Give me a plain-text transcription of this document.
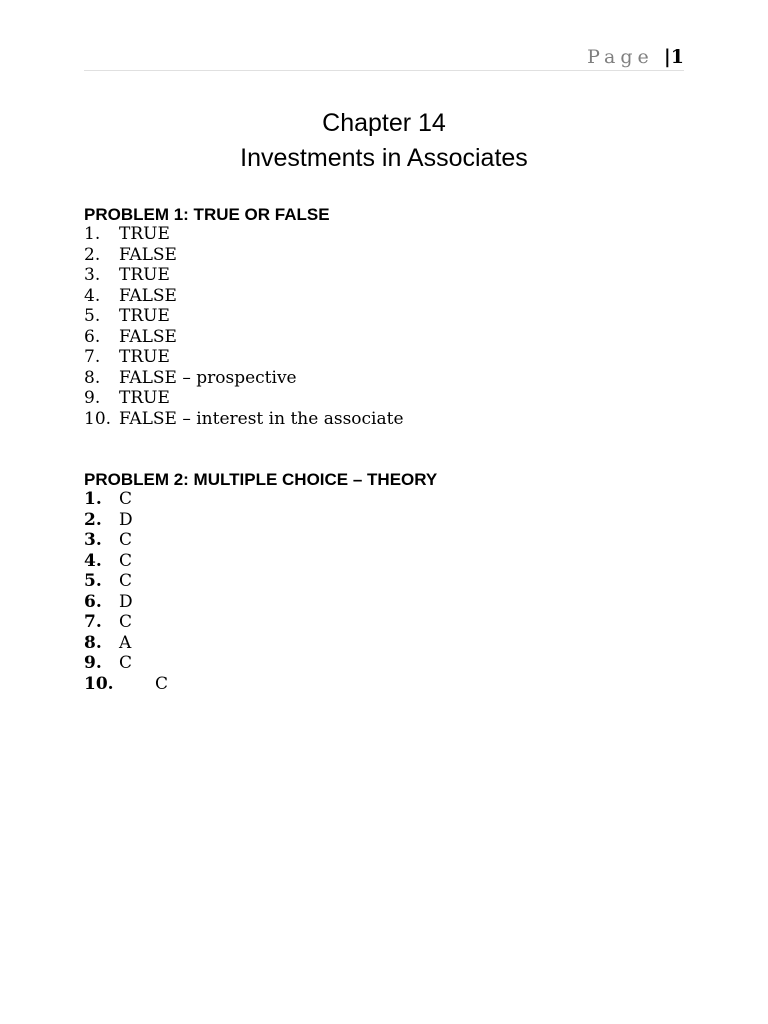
Page |1
Chapter 14
Investments in Associates
PROBLEM 1: TRUE OR FALSE
1. TRUE
2. FALSE
3. TRUE
4. FALSE
5. TRUE
6. FALSE
7. TRUE
8. FALSE – prospective
9. TRUE
10. FALSE – interest in the associate
PROBLEM 2: MULTIPLE CHOICE – THEORY
1. C
2. D
3. C
4. C
5. C
6. D
7. C
8. A
9. C
10. C
